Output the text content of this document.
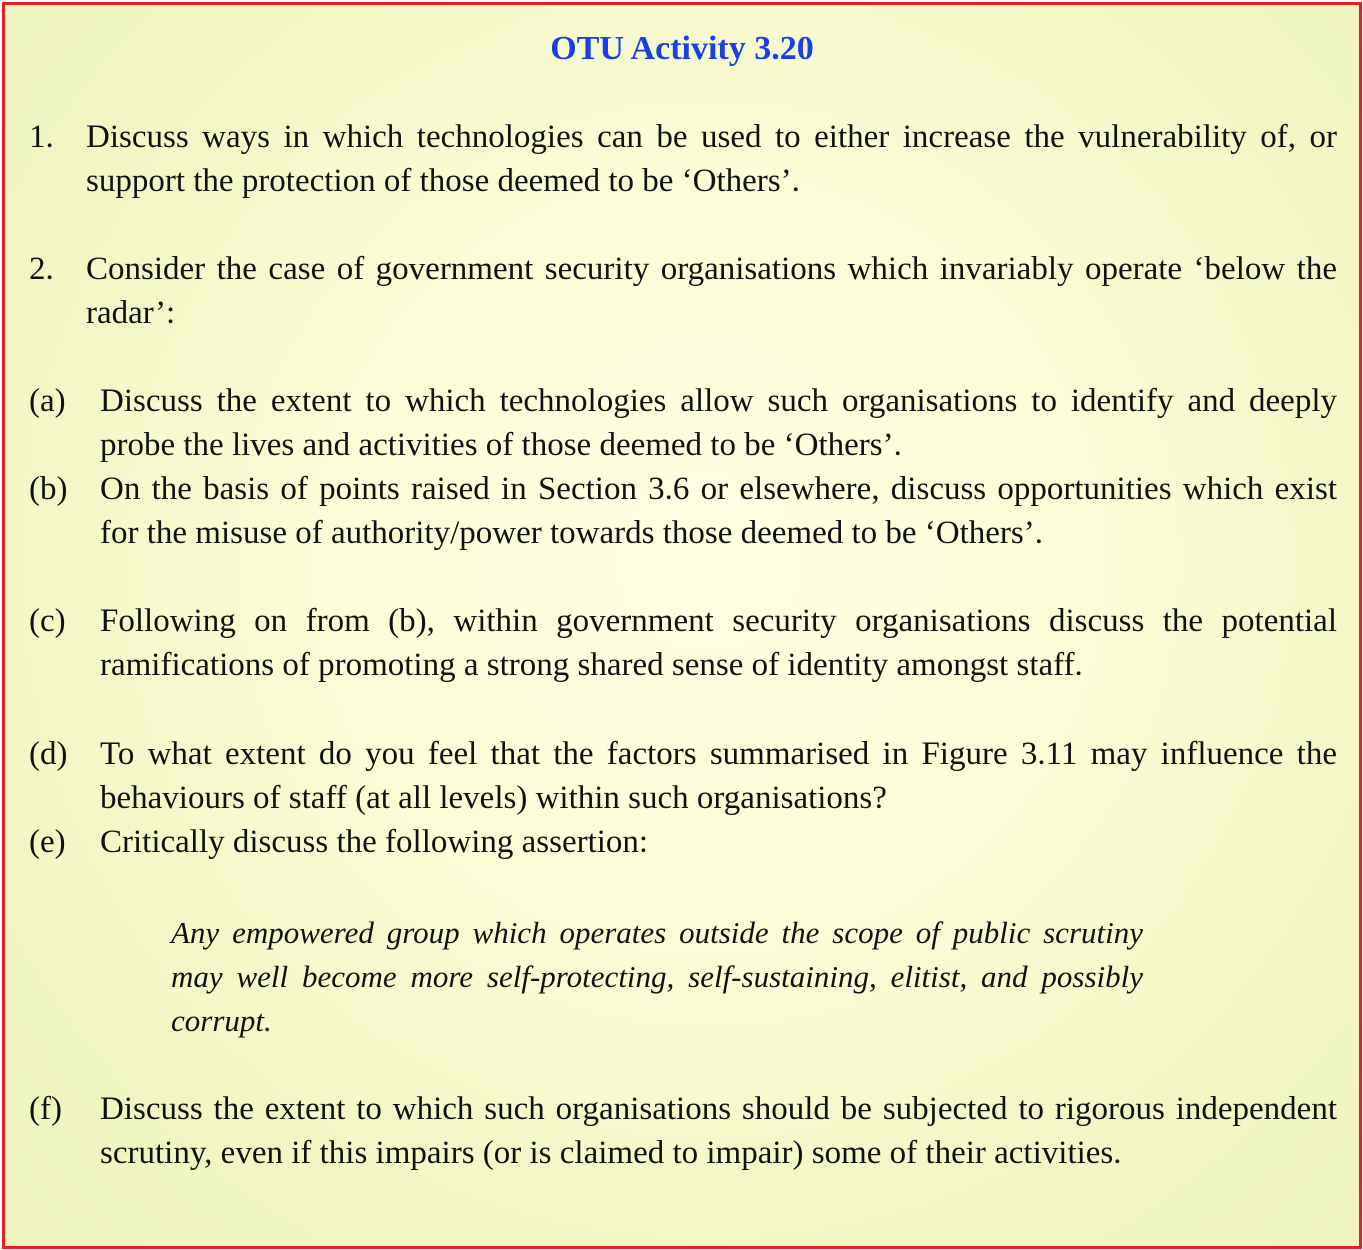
OTU Activity 3.20
1. Discuss ways in which technologies can be used to either increase the vulnerability of, or support the protection of those deemed to be ‘Others’.
2. Consider the case of government security organisations which invariably operate ‘below the radar’:
(a) Discuss the extent to which technologies allow such organisations to identify and deeply probe the lives and activities of those deemed to be ‘Others’.
(b) On the basis of points raised in Section 3.6 or elsewhere, discuss opportunities which exist for the misuse of authority/power towards those deemed to be ‘Others’.
(c) Following on from (b), within government security organisations discuss the potential ramifications of promoting a strong shared sense of identity amongst staff.
(d) To what extent do you feel that the factors summarised in Figure 3.11 may influence the behaviours of staff (at all levels) within such organisations?
(e) Critically discuss the following assertion:
Any empowered group which operates outside the scope of public scrutiny may well become more self-protecting, self-sustaining, elitist, and possibly corrupt.
(f) Discuss the extent to which such organisations should be subjected to rigorous independent scrutiny, even if this impairs (or is claimed to impair) some of their activities.
